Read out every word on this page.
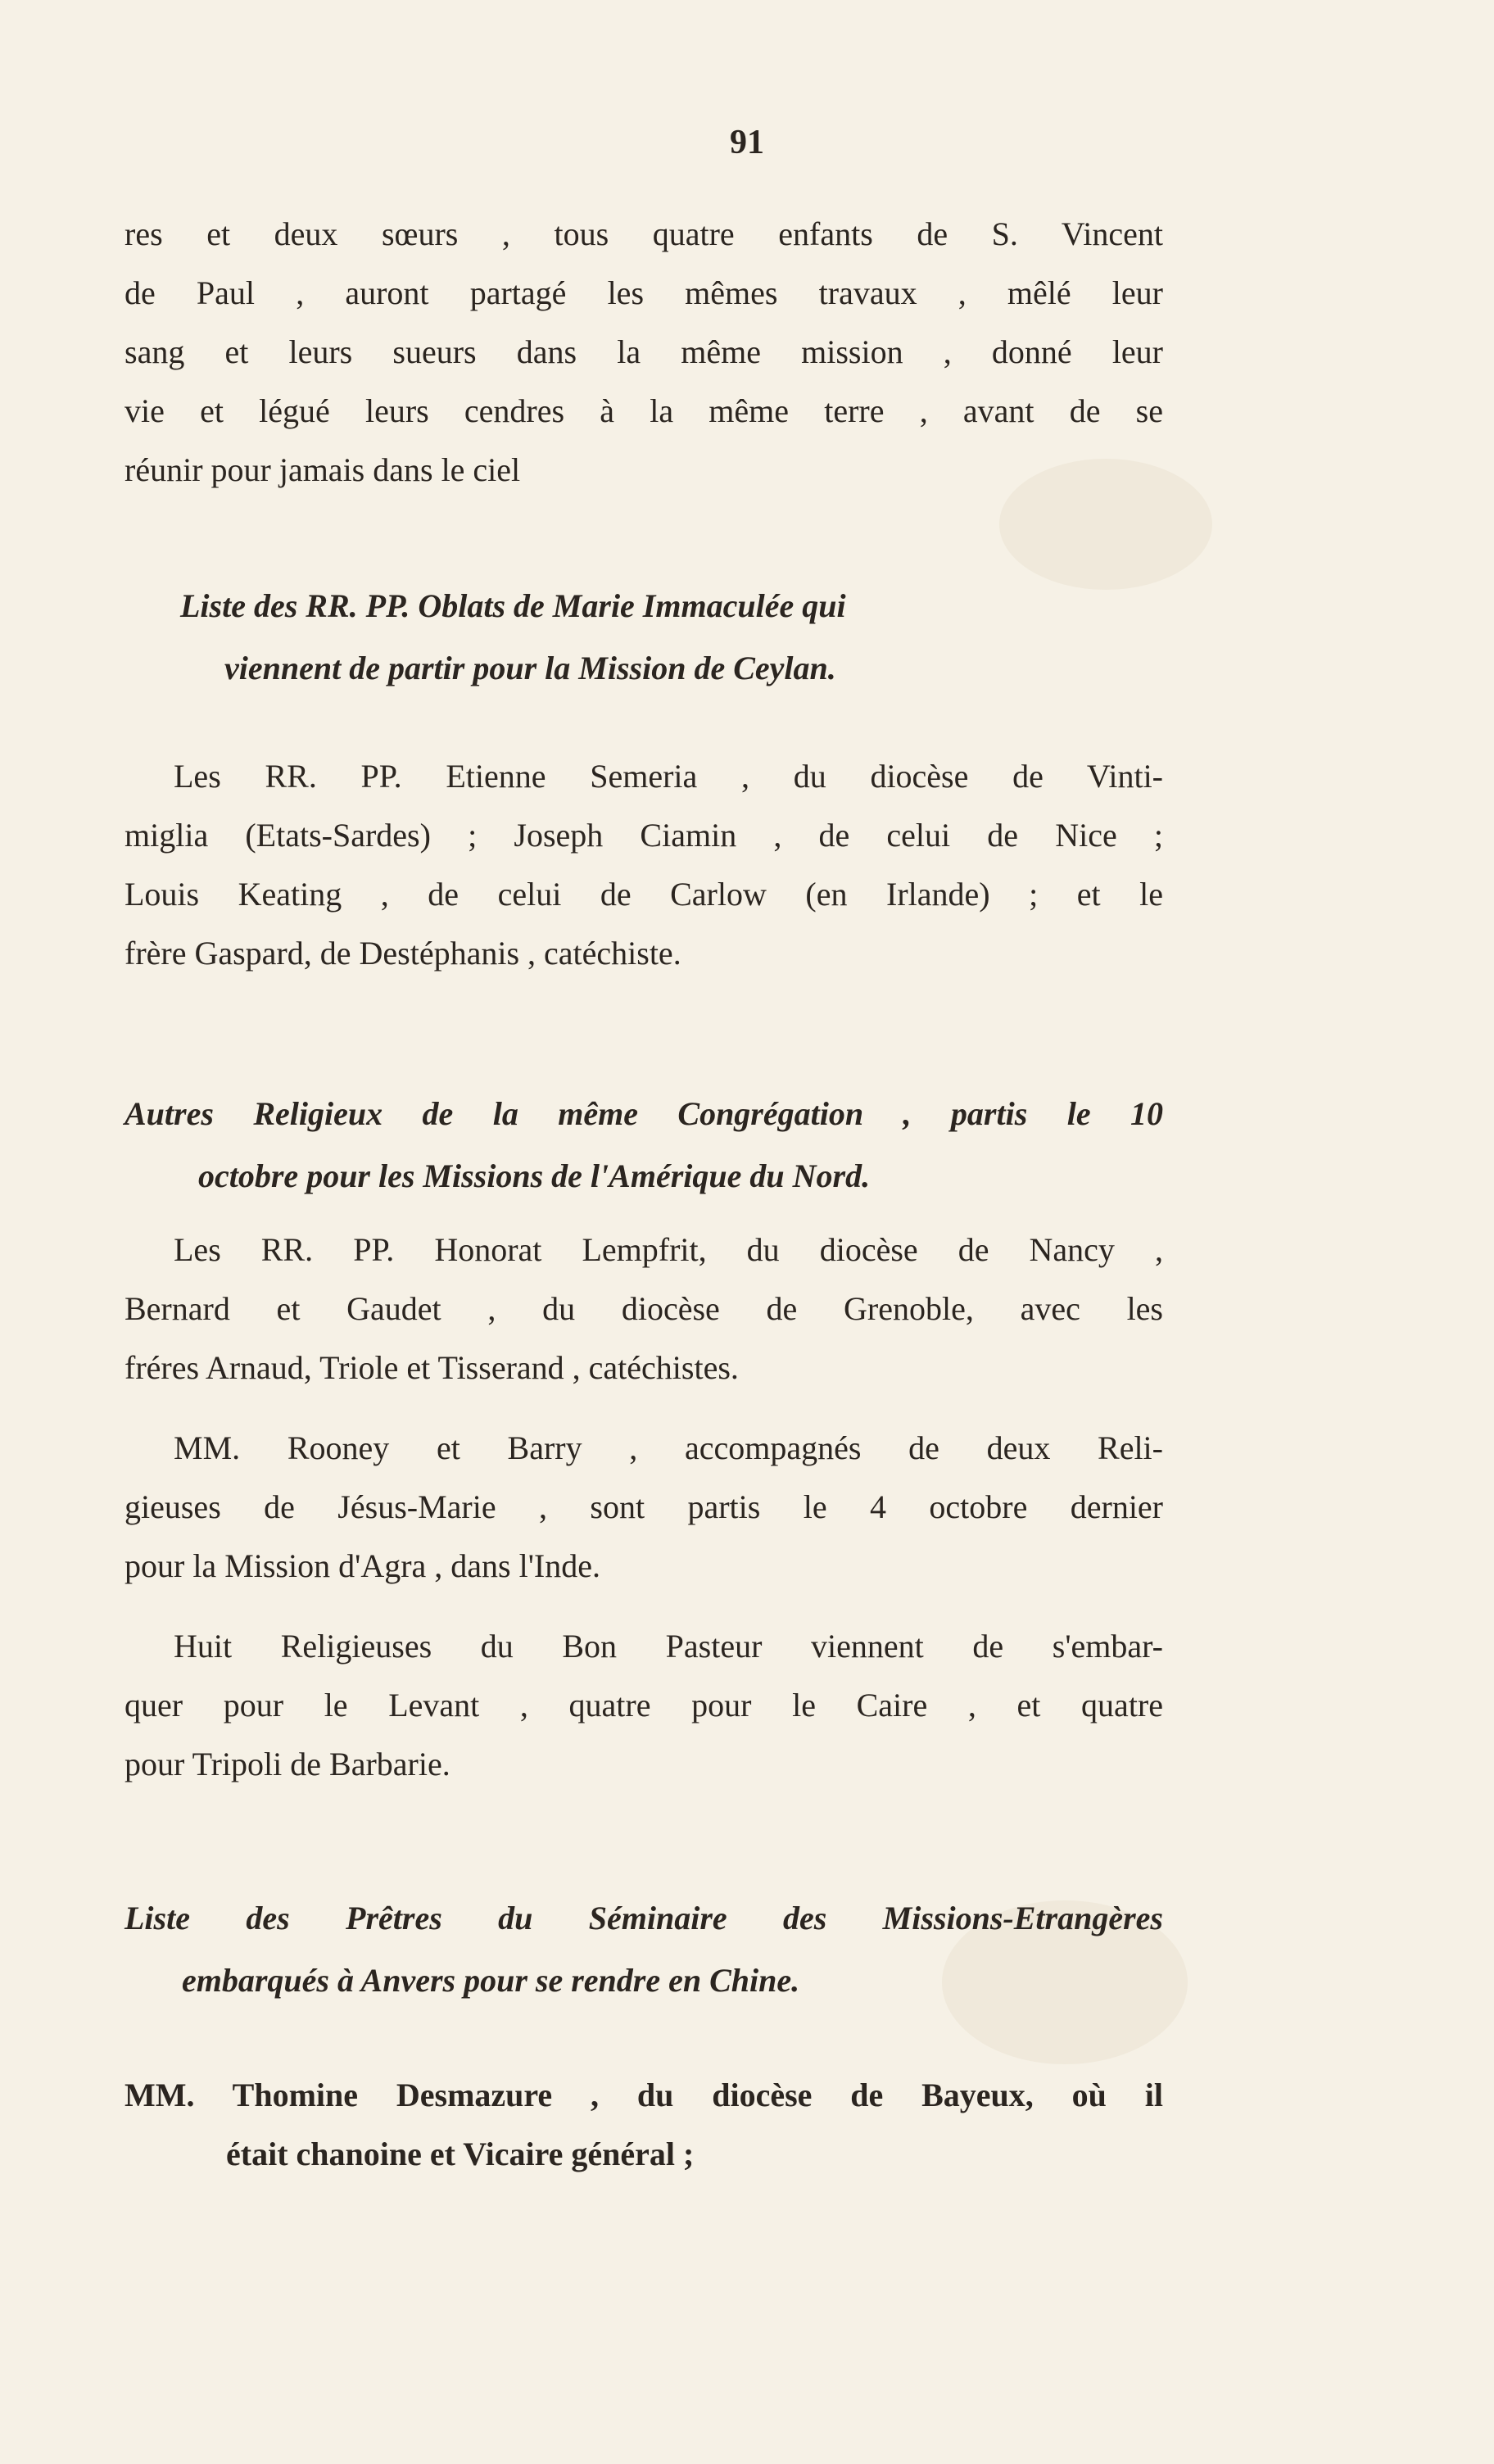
91
res et deux sœurs , tous quatre enfants de S. Vincent
de Paul , auront partagé les mêmes travaux , mêlé leur
sang et leurs sueurs dans la même mission , donné leur
vie et légué leurs cendres à la même terre , avant de se
réunir pour jamais dans le ciel
Liste des RR. PP. Oblats de Marie Immaculée qui
viennent de partir pour la Mission de Ceylan.
Les RR. PP. Etienne Semeria , du diocèse de Vinti-
miglia (Etats-Sardes) ; Joseph Ciamin , de celui de Nice ;
Louis Keating , de celui de Carlow (en Irlande) ; et le
frère Gaspard, de Destéphanis , catéchiste.
Autres Religieux de la même Congrégation , partis le 10
octobre pour les Missions de l'Amérique du Nord.
Les RR. PP. Honorat Lempfrit, du diocèse de Nancy ,
Bernard et Gaudet , du diocèse de Grenoble, avec les
fréres Arnaud, Triole et Tisserand , catéchistes.
MM. Rooney et Barry , accompagnés de deux Reli-
gieuses de Jésus-Marie , sont partis le 4 octobre dernier
pour la Mission d'Agra , dans l'Inde.
Huit Religieuses du Bon Pasteur viennent de s'embar-
quer pour le Levant , quatre pour le Caire , et quatre
pour Tripoli de Barbarie.
Liste des Prêtres du Séminaire des Missions-Etrangères
embarqués à Anvers pour se rendre en Chine.
MM. Thomine Desmazure , du diocèse de Bayeux, où il
était chanoine et Vicaire général ;
